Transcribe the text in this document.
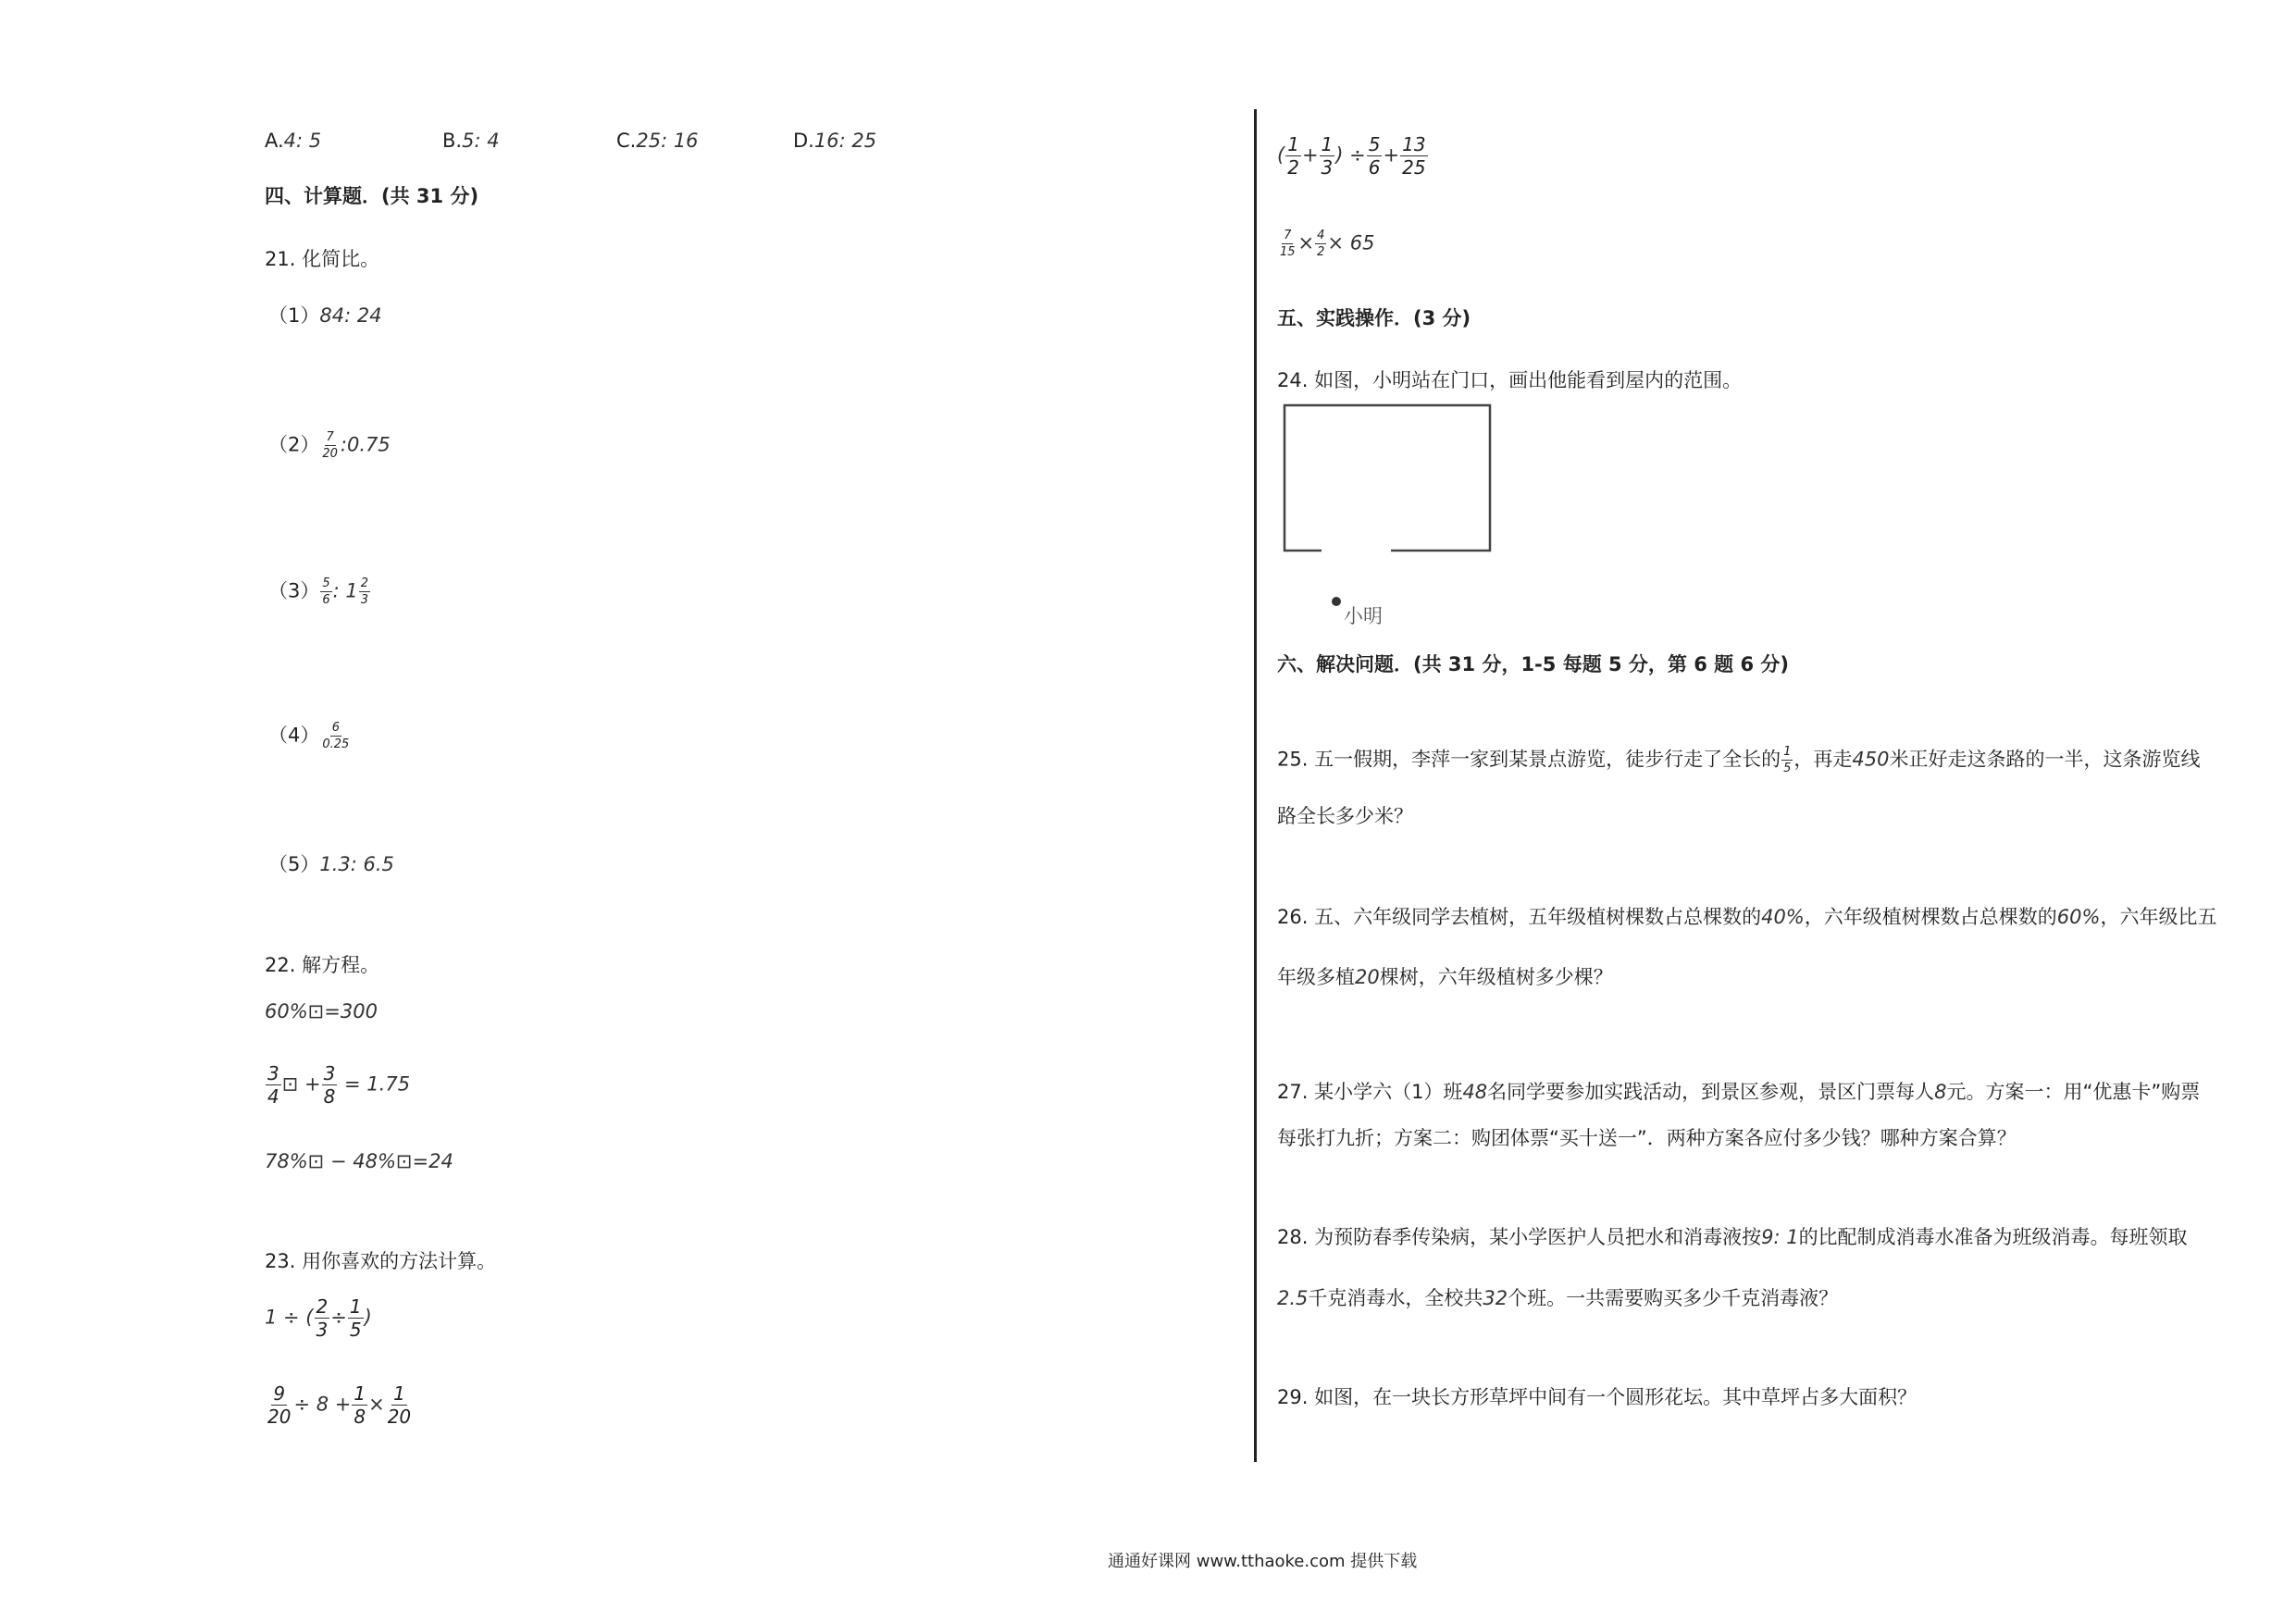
A.4: 5	B.5: 4	C.25: 16	D.16: 25
四、计算题．(共 31 分)
21. 化简比。
（1）84: 24
$(2) \frac{7}{20}$ :0.75
$(3) \frac{5}{6}$ : $1 \frac{2}{3}$
$(4) \frac{6}{0.25}$
（5）1.3: 6.5
22. 解方程。
60%⊡=300
$\frac{3}{4}$ ⊡ + $\frac{3}{8} = 1.75$
78%⊡ − 48%⊡=24
23. 用你喜欢的方法计算。
1 ÷ ( $\frac{2}{3} \div \frac{1}{5}$ )
$\frac{9}{20} \div 8 + \frac{1}{8} \times \frac{1}{20}$
( $\frac{1}{2} + \frac{1}{3}$ ) ÷ $\frac{5}{6} + \frac{13}{25}$
$\frac{7}{15} \times \frac{4}{2} \times 65$
五、实践操作．(3 分)
24. 如图，小明站在门口，画出他能看到屋内的范围。
小明
六、解决问题．(共 31 分，1-5 每题 5 分，第 6 题 6 分)
25. 五一假期，李萍一家到某景点游览，徒步行走了全长的 $\frac{1}{5}$ ，再走450米正好走这条路的一半，这条游览线
路全长多少米？
26. 五、六年级同学去植树，五年级植树棵数占总棵数的40%，六年级植树棵数占总棵数的60%，六年级比五
年级多植20棵树，六年级植树多少棵？
27. 某小学六（1）班48名同学要参加实践活动，到景区参观，景区门票每人8元。方案一：用“优惠卡”购票
每张打九折；方案二：购团体票“买十送一”．两种方案各应付多少钱？哪种方案合算？
28. 为预防春季传染病，某小学医护人员把水和消毒液按9: 1的比配制成消毒水准备为班级消毒。每班领取
2.5千克消毒水，全校共32个班。一共需要购买多少千克消毒液？
29. 如图，在一块长方形草坪中间有一个圆形花坛。其中草坪占多大面积？
通通好课网 www.tthaoke.com 提供下载
